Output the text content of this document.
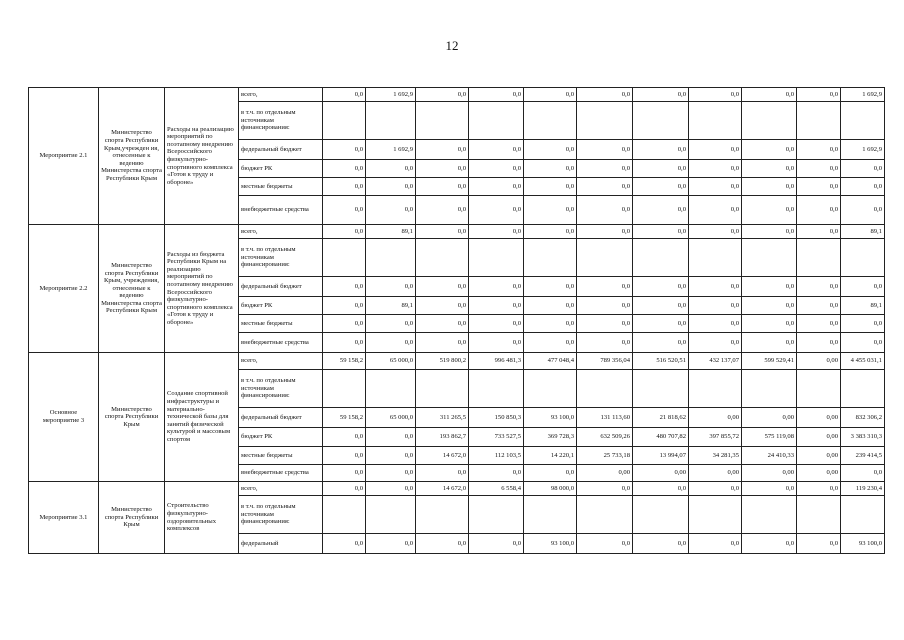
12
Мероприятие 2.1	Министерство спорта Республики Крым,учрежден ия, отнесенные к ведению Министерства спорта Республики Крым	Расходы на реализацию мероприятий по поэтапному внедрению Всероссийского физкультурно-спортивного комплекса «Готов к труду и обороне»	всего,	0,0	1 692,9	0,0	0,0	0,0	0,0	0,0	0,0	0,0	0,0	1 692,9
			в т.ч. по отдельным источникам финансирования:											
			федеральный бюджет	0,0	1 692,9	0,0	0,0	0,0	0,0	0,0	0,0	0,0	0,0	1 692,9
			бюджет РК	0,0	0,0	0,0	0,0	0,0	0,0	0,0	0,0	0,0	0,0	0,0
			местные бюджеты	0,0	0,0	0,0	0,0	0,0	0,0	0,0	0,0	0,0	0,0	0,0
			внебюджетные средства	0,0	0,0	0,0	0,0	0,0	0,0	0,0	0,0	0,0	0,0	0,0
Мероприятие 2.2	Министерство спорта Республики Крым, учреждения, отнесенные к ведению Министерства спорта Республики Крым	Расходы из бюджета Республики Крым на реализацию мероприятий по поэтапному внедрению Всероссийского физкультурно-спортивного комплекса «Готов к труду и обороне»	всего,	0,0	89,1	0,0	0,0	0,0	0,0	0,0	0,0	0,0	0,0	89,1
			в т.ч. по отдельным источникам финансирования:											
			федеральный бюджет	0,0	0,0	0,0	0,0	0,0	0,0	0,0	0,0	0,0	0,0	0,0
			бюджет РК	0,0	89,1	0,0	0,0	0,0	0,0	0,0	0,0	0,0	0,0	89,1
			местные бюджеты	0,0	0,0	0,0	0,0	0,0	0,0	0,0	0,0	0,0	0,0	0,0
			внебюджетные средства	0,0	0,0	0,0	0,0	0,0	0,0	0,0	0,0	0,0	0,0	0,0
Основное мероприятие 3	Министерство спорта Республики Крым	Создание спортивной инфраструктуры и материально-технической базы для занятий физической культурой и массовым спортом	всего,	59 158,2	65 000,0	519 800,2	996 481,3	477 048,4	789 356,04	516 520,51	432 137,07	599 529,41	0,00	4 455 031,1
			в т.ч. по отдельным источникам финансирования:											
			федеральный бюджет	59 158,2	65 000,0	311 265,5	150 850,3	93 100,0	131 113,60	21 818,62	0,00	0,00	0,00	832 306,2
			бюджет РК	0,0	0,0	193 862,7	733 527,5	369 728,3	632 509,26	480 707,82	397 855,72	575 119,08	0,00	3 383 310,3
			местные бюджеты	0,0	0,0	14 672,0	112 103,5	14 220,1	25 733,18	13 994,07	34 281,35	24 410,33	0,00	239 414,5
			внебюджетные средства	0,0	0,0	0,0	0,0	0,0	0,00	0,00	0,00	0,00	0,00	0,0
Мероприятие 3.1	Министерство спорта Республики Крым	Строительство физкультурно-оздоровительных комплексов	всего,	0,0	0,0	14 672,0	6 558,4	98 000,0	0,0	0,0	0,0	0,0	0,0	119 230,4
			в т.ч. по отдельным источникам финансирования:											
			федеральный	0,0	0,0	0,0	0,0	93 100,0	0,0	0,0	0,0	0,0	0,0	93 100,0
